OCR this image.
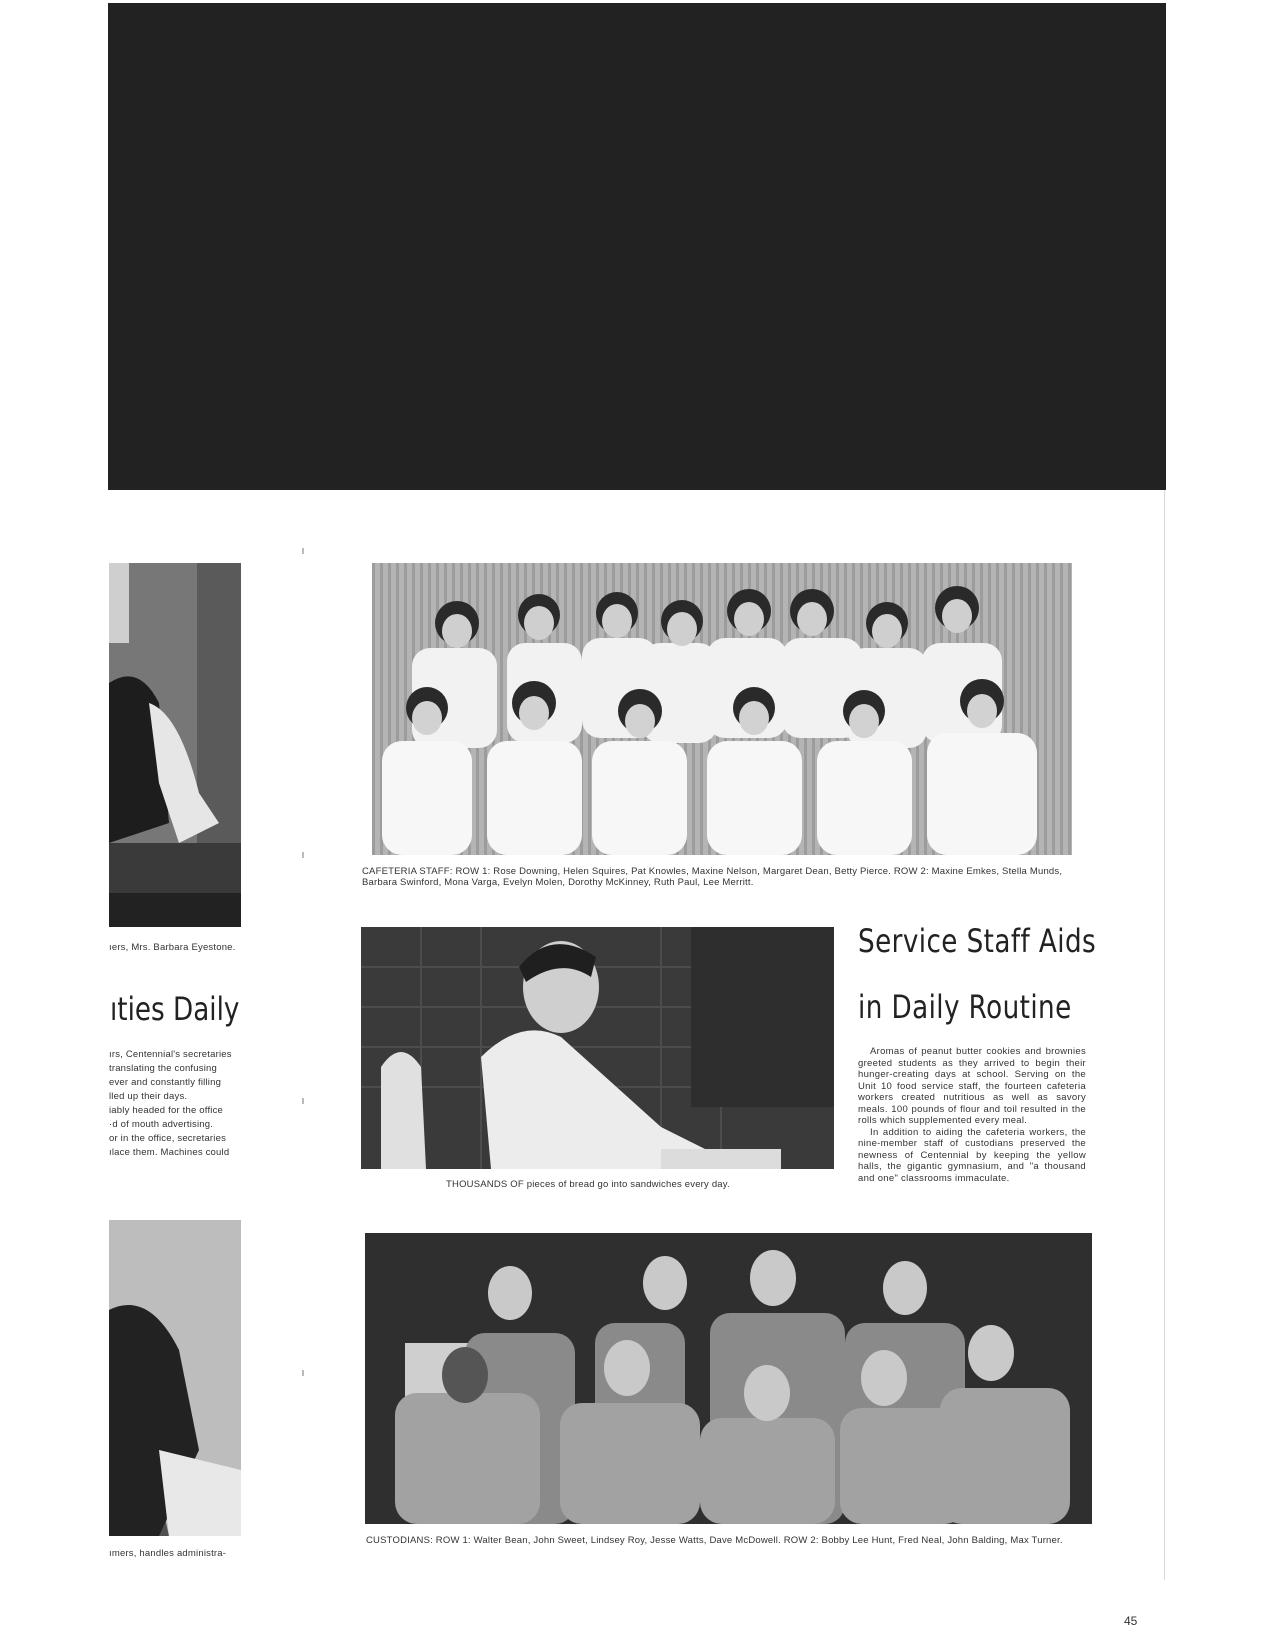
ıers, Mrs. Barbara Eyestone.
ıties Daily
ırs, Centennial's secretaries
translating the confusing
ever and constantly filling
lled up their days.
iably headed for the office
·d of mouth advertising.
or in the office, secretaries
ılace them. Machines could
ımers, handles administra-
CAFETERIA STAFF: ROW 1: Rose Downing, Helen Squires, Pat Knowles, Maxine Nelson, Margaret Dean, Betty Pierce. ROW 2: Maxine Emkes, Stella Munds, Barbara Swinford, Mona Varga, Evelyn Molen, Dorothy McKinney, Ruth Paul, Lee Merritt.
THOUSANDS OF pieces of bread go into sandwiches every day.
Service Staff Aids
in Daily Routine

Aromas of peanut butter cookies and brownies greeted students as they arrived to begin their hunger-creating days at school. Serving on the Unit 10 food service staff, the fourteen cafeteria workers created nutritious as well as savory meals. 100 pounds of flour and toil resulted in the rolls which supplemented every meal.

In addition to aiding the cafeteria workers, the nine-member staff of custodians preserved the newness of Centennial by keeping the yellow halls, the gigantic gymnasium, and "a thousand and one" classrooms immaculate.

CUSTODIANS: ROW 1: Walter Bean, John Sweet, Lindsey Roy, Jesse Watts, Dave McDowell. ROW 2: Bobby Lee Hunt, Fred Neal, John Balding, Max Turner.
45
